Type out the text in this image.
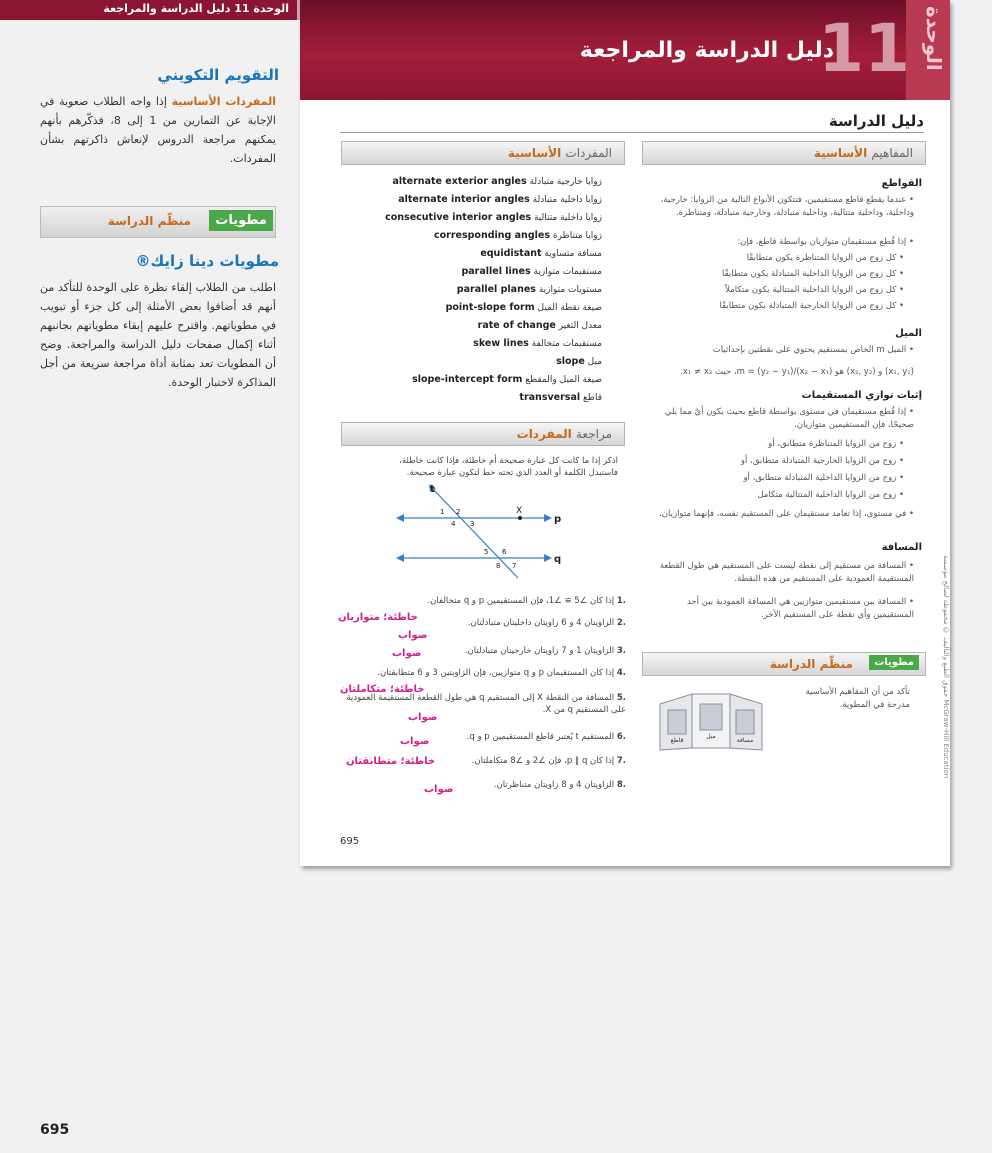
الوحدة 11 دليل الدراسة والمراجعة
التقويم التكويني
المفردات الأساسية إذا واجه الطلاب صعوبة في الإجابة عن التمارين من 1 إلى 8، فذكّرهم بأنهم يمكنهم مراجعة الدروس لإنعاش ذاكرتهم بشأن المفردات.
مطويات
منظّم الدراسة
مطويات دينا زايك®
اطلب من الطلاب إلقاء نظرة على الوحدة للتأكد من أنهم قد أضافوا بعض الأمثلة إلى كل جزء أو تبويب في مطوياتهم. واقترح عليهم إبقاء مطوياتهم بجانبهم أثناء إكمال صفحات دليل الدراسة والمراجعة. وضح أن المطويات تعد بمثابة أداة مراجعة سريعة من أجل المذاكرة لاختبار الوحدة.
695
الوحدة
11
دليل الدراسة والمراجعة
دليل الدراسة
المفاهيم الأساسية
القواطع
• عندما يقطع قاطع مستقيمين، فتتكون الأنواع التالية من الزوايا: خارجية، وداخلية، وداخلية متتالية، وداخلية متبادلة، وخارجية متبادلة، ومتناظرة.
• إذا قُطع مستقيمان متوازيان بواسطة قاطع، فإن:
• كل زوج من الزوايا المتناظرة يكون متطابقًا
• كل زوج من الزوايا الداخلية المتبادلة يكون متطابقًا
• كل زوج من الزوايا الداخلية المتتالية يكون متكاملاً
• كل زوج من الزوايا الخارجية المتبادلة يكون متطابقًا
الميل
• الميل m الخاص بمستقيم يحتوي على نقطتين بإحداثيات
(x₁, y₁) و (x₂, y₂) هو m = (y₂ − y₁)/(x₂ − x₁)، حيث x₁ ≠ x₂.
إثبات توازي المستقيمات
• إذا قُطع مستقيمان في مستوى بواسطة قاطع بحيث يكون أيٌ مما يلي صحيحًا، فإن المستقيمين متوازيان.
• زوج من الزوايا المتناظرة متطابق، أو
• زوج من الزوايا الخارجية المتبادلة متطابق، أو
• زوج من الزوايا الداخلية المتبادلة متطابق، أو
• زوج من الزوايا الداخلية المتتالية متكامل
• في مستوى، إذا تعامد مستقيمان على المستقيم نفسه، فإنهما متوازيان.
المسافة
• المسافة من مستقيم إلى نقطة ليست على المستقيم هي طول القطعة المستقيمة العمودية على المستقيم من هذه النقطة.
• المسافة بين مستقيمين متوازيين هي المسافة العمودية بين أحد المستقيمين وأي نقطة على المستقيم الآخر.
مطويات
منظّم الدراسة
تأكد من أن المفاهيم الأساسية مدرجة في المطوية.
قاطع
ميل
مسافة
المفردات الأساسية
alternate exterior angles زوايا خارجية متبادلة
alternate interior angles زوايا داخلية متبادلة
consecutive interior angles زوايا داخلية متتالية
corresponding angles زوايا متناظرة
equidistant مسافة متساوية
parallel lines مستقيمات متوازية
parallel planes مستويات متوازية
point-slope form صيغة نقطة الميل
rate of change معدل التغير
skew lines مستقيمات متخالفة
slope ميل
slope-intercept form صيغة الميل والمقطع
transversal قاطع
مراجعة المفردات
اذكر إذا ما كانت كل عبارة صحيحة أم خاطئة، فإذا كانت خاطئة،
فاستبدل الكلمة أو العدد الذي تحته خط لتكون عبارة صحيحة.
t
p
q
X
1 2
4 3
5 6
8 7
.1 إذا كان ∠5 ≅ ∠1، فإن المستقيمين p و q متخالفان.
خاطئة؛ متوازيان	.2 الزاويتان 4 و 6 زاويتان داخليتان متبادلتان.
صواب
.3 الزاويتان 1 و 7 زاويتان خارجيتان متبادلتان.
صواب
.4 إذا كان المستقيمان p و q متوازيين، فإن الزاويتين 3 و 6 متطابقتان.
خاطئة؛ متكاملتان
.5 المسافة من النقطة X إلى المستقيم q هي طول القطعة المستقيمة العمودية على المستقيم q من X.
صواب
.6 المستقيم t يُعتبر قاطع المستقيمين p و q.
صواب
.7 إذا كان p ∥ q، فإن ∠2 و ∠8 متكاملتان.
خاطئة؛ متطابقتان
.8 الزاويتان 4 و 8 زاويتان متناظرتان.
صواب
695
حقوق الطبع والتأليف © محفوظة لصالح مؤسسة McGraw-Hill Education
